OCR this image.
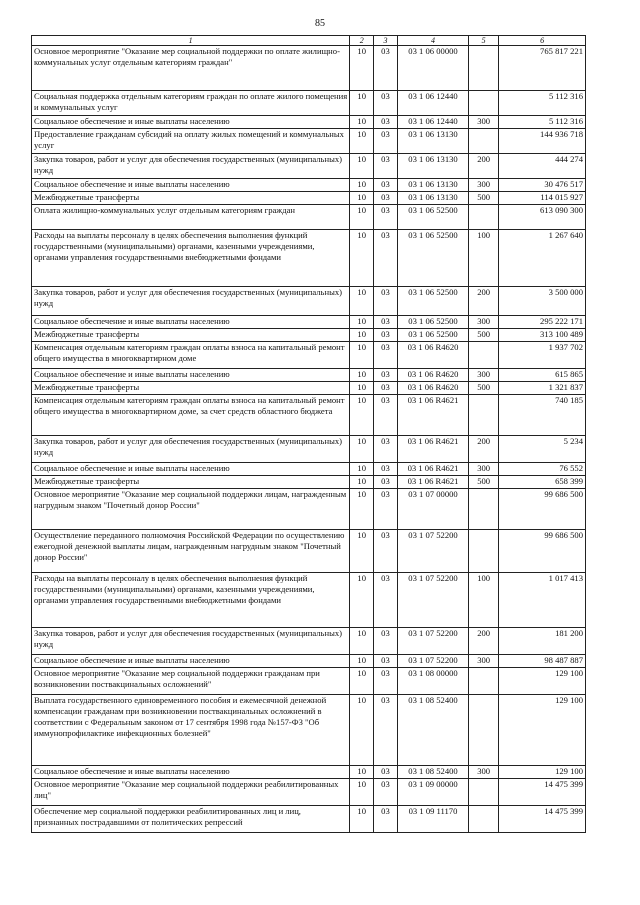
85
1	2	3	4	5	6
Основное мероприятие "Оказание мер социальной поддержки по оплате жилищно-коммунальных услуг отдельным категориям граждан"	10	03	03 1 06 00000		765 817 221
Социальная поддержка отдельным категориям граждан по оплате жилого помещения и коммунальных услуг	10	03	03 1 06 12440		5 112 316
Социальное обеспечение и иные выплаты населению	10	03	03 1 06 12440	300	5 112 316
Предоставление гражданам субсидий на оплату жилых помещений и коммунальных услуг	10	03	03 1 06 13130		144 936 718
Закупка товаров, работ и услуг для обеспечения государственных (муниципальных) нужд	10	03	03 1 06 13130	200	444 274
Социальное обеспечение и иные выплаты населению	10	03	03 1 06 13130	300	30 476 517
Межбюджетные трансферты	10	03	03 1 06 13130	500	114 015 927
Оплата жилищно-коммунальных услуг отдельным категориям граждан	10	03	03 1 06 52500		613 090 300
Расходы на выплаты персоналу в целях обеспечения выполнения функций государственными (муниципальными) органами, казенными учреждениями, органами управления государственными внебюджетными фондами	10	03	03 1 06 52500	100	1 267 640
Закупка товаров, работ и услуг для обеспечения государственных (муниципальных) нужд	10	03	03 1 06 52500	200	3 500 000
Социальное обеспечение и иные выплаты населению	10	03	03 1 06 52500	300	295 222 171
Межбюджетные трансферты	10	03	03 1 06 52500	500	313 100 489
Компенсация отдельным категориям граждан оплаты взноса на капитальный ремонт общего имущества в многоквартирном доме	10	03	03 1 06 R4620		1 937 702
Социальное обеспечение и иные выплаты населению	10	03	03 1 06 R4620	300	615 865
Межбюджетные трансферты	10	03	03 1 06 R4620	500	1 321 837
Компенсация отдельным категориям граждан оплаты взноса на капитальный ремонт общего имущества в многоквартирном доме, за счет средств областного бюджета	10	03	03 1 06 R4621		740 185
Закупка товаров, работ и услуг для обеспечения государственных (муниципальных) нужд	10	03	03 1 06 R4621	200	5 234
Социальное обеспечение и иные выплаты населению	10	03	03 1 06 R4621	300	76 552
Межбюджетные трансферты	10	03	03 1 06 R4621	500	658 399
Основное мероприятие "Оказание мер социальной поддержки лицам, награжденным нагрудным знаком "Почетный донор России"	10	03	03 1 07 00000		99 686 500
Осуществление переданного полномочия Российской Федерации по осуществлению ежегодной денежной выплаты лицам, награжденным нагрудным знаком "Почетный донор России"	10	03	03 1 07 52200		99 686 500
Расходы на выплаты персоналу в целях обеспечения выполнения функций государственными (муниципальными) органами, казенными учреждениями, органами управления государственными внебюджетными фондами	10	03	03 1 07 52200	100	1 017 413
Закупка товаров, работ и услуг для обеспечения государственных (муниципальных) нужд	10	03	03 1 07 52200	200	181 200
Социальное обеспечение и иные выплаты населению	10	03	03 1 07 52200	300	98 487 887
Основное мероприятие "Оказание мер социальной поддержки гражданам при возникновении поствакцинальных осложнений"	10	03	03 1 08 00000		129 100
Выплата государственного единовременного пособия и ежемесячной денежной компенсации гражданам при возникновении поствакцинальных осложнений в соответствии с Федеральным законом от 17 сентября 1998 года №157-ФЗ "Об иммунопрофилактике инфекционных болезней"	10	03	03 1 08 52400		129 100
Социальное обеспечение и иные выплаты населению	10	03	03 1 08 52400	300	129 100
Основное мероприятие "Оказание мер социальной поддержки реабилитированных лиц"	10	03	03 1 09 00000		14 475 399
Обеспечение мер социальной поддержки реабилитированных лиц и лиц, признанных пострадавшими от политических репрессий	10	03	03 1 09 11170		14 475 399
